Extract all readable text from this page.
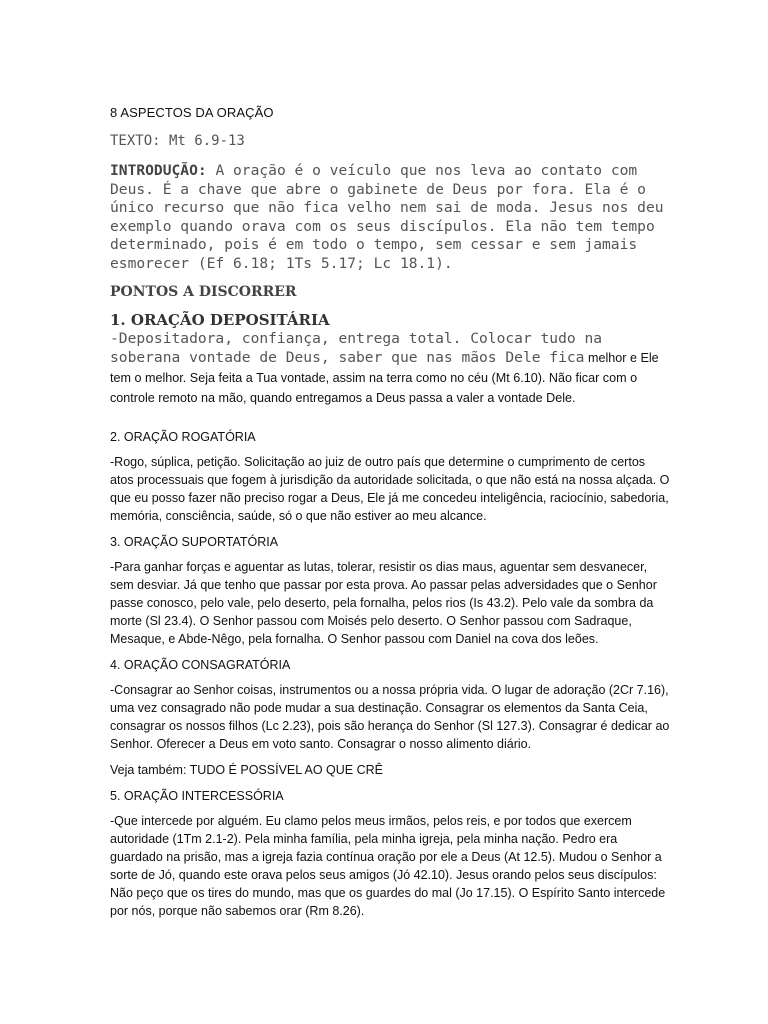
8 ASPECTOS DA ORAÇÃO
TEXTO: Mt 6.9-13
INTRODUÇÃO: A oração é o veículo que nos leva ao contato com Deus. É a chave que abre o gabinete de Deus por fora. Ela é o único recurso que não fica velho nem sai de moda. Jesus nos deu exemplo quando orava com os seus discípulos. Ela não tem tempo determinado, pois é em todo o tempo, sem cessar e sem jamais esmorecer (Ef 6.18; 1Ts 5.17; Lc 18.1).
PONTOS A DISCORRER
1. ORAÇÃO DEPOSITÁRIA
-Depositadora, confiança, entrega total. Colocar tudo na soberana vontade de Deus, saber que nas mãos Dele fica melhor e Ele tem o melhor. Seja feita a Tua vontade, assim na terra como no céu (Mt 6.10). Não ficar com o controle remoto na mão, quando entregamos a Deus passa a valer a vontade Dele.
2. ORAÇÃO ROGATÓRIA
-Rogo, súplica, petição. Solicitação ao juiz de outro país que determine o cumprimento de certos atos processuais que fogem à jurisdição da autoridade solicitada, o que não está na nossa alçada. O que eu posso fazer não preciso rogar a Deus, Ele já me concedeu inteligência, raciocínio, sabedoria, memória, consciência, saúde, só o que não estiver ao meu alcance.
3. ORAÇÃO SUPORTATÓRIA
-Para ganhar forças e aguentar as lutas, tolerar, resistir os dias maus, aguentar sem desvanecer, sem desviar. Já que tenho que passar por esta prova. Ao passar pelas adversidades que o Senhor passe conosco, pelo vale, pelo deserto, pela fornalha, pelos rios (Is 43.2). Pelo vale da sombra da morte (Sl 23.4). O Senhor passou com Moisés pelo deserto. O Senhor passou com Sadraque, Mesaque, e Abde-Nêgo, pela fornalha. O Senhor passou com Daniel na cova dos leões.
4. ORAÇÃO CONSAGRATÓRIA
-Consagrar ao Senhor coisas, instrumentos ou a nossa própria vida. O lugar de adoração (2Cr 7.16), uma vez consagrado não pode mudar a sua destinação. Consagrar os elementos da Santa Ceia, consagrar os nossos filhos (Lc 2.23), pois são herança do Senhor (Sl 127.3). Consagrar é dedicar ao Senhor. Oferecer a Deus em voto santo. Consagrar o nosso alimento diário.
Veja também: TUDO É POSSÍVEL AO QUE CRÊ
5. ORAÇÃO INTERCESSÓRIA
-Que intercede por alguém. Eu clamo pelos meus irmãos, pelos reis, e por todos que exercem autoridade (1Tm 2.1-2). Pela minha família, pela minha igreja, pela minha nação. Pedro era guardado na prisão, mas a igreja fazia contínua oração por ele a Deus (At 12.5). Mudou o Senhor a sorte de Jó, quando este orava pelos seus amigos (Jó 42.10). Jesus orando pelos seus discípulos: Não peço que os tires do mundo, mas que os guardes do mal (Jo 17.15). O Espírito Santo intercede por nós, porque não sabemos orar (Rm 8.26).
